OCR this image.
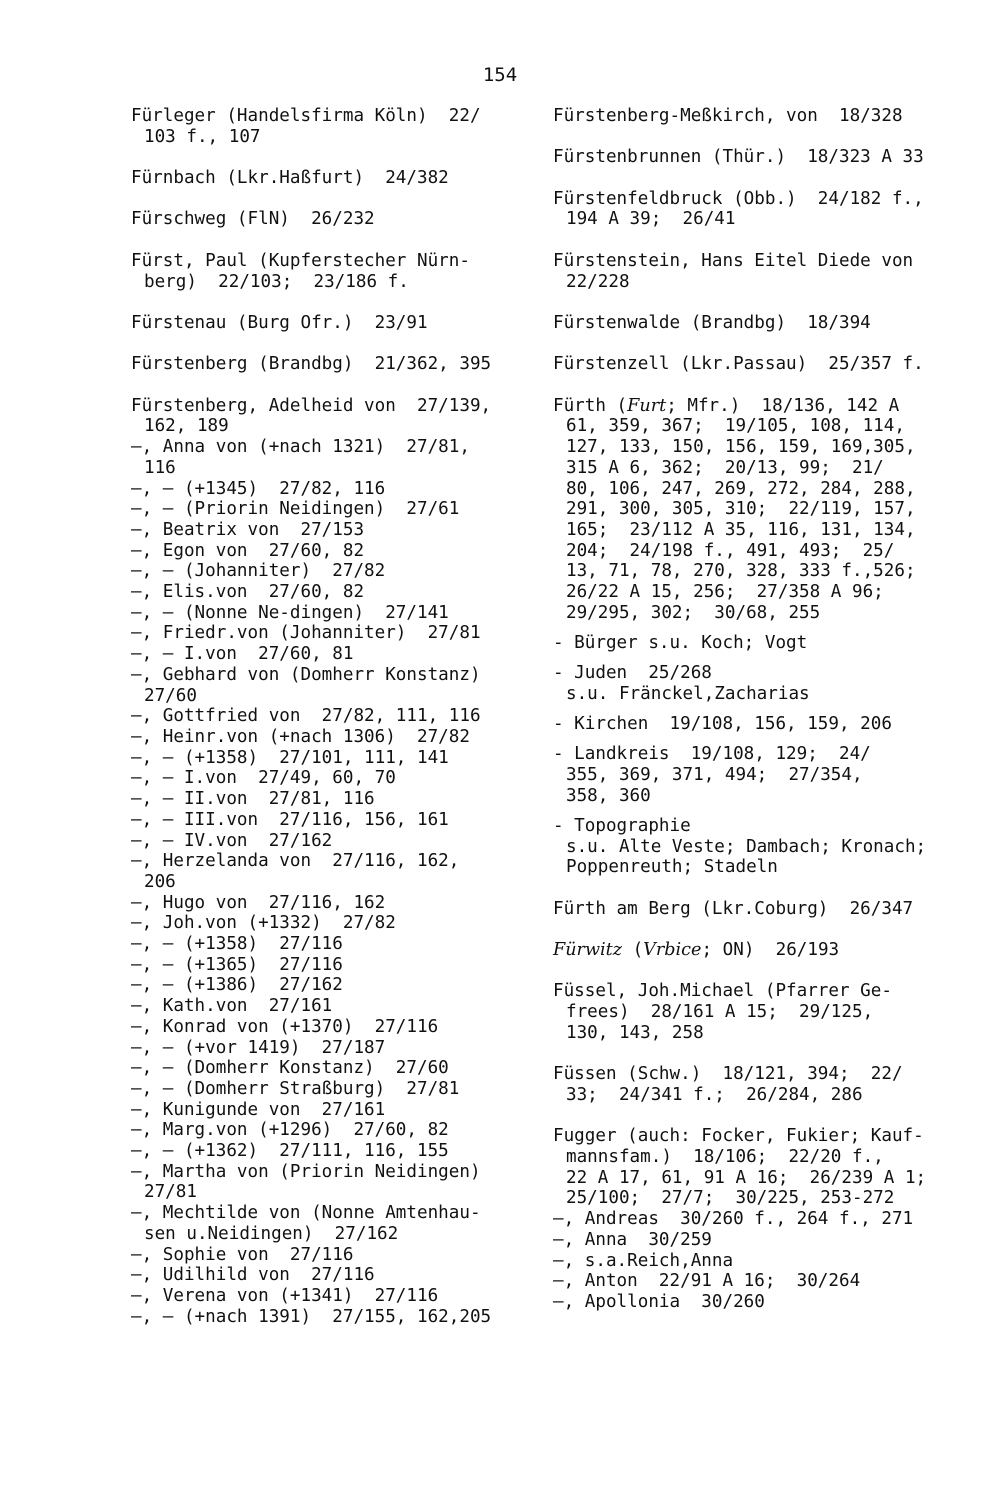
154
Fürleger (Handelsfirma Köln)  22/
103 f., 107
Fürnbach (Lkr.Haßfurt)  24/382
Fürschweg (FlN)  26/232
Fürst, Paul (Kupferstecher Nürn-
berg)  22/103;  23/186 f.
Fürstenau (Burg Ofr.)  23/91
Fürstenberg (Brandbg)  21/362, 395
Fürstenberg, Adelheid von  27/139,
162, 189
—, Anna von (+nach 1321)  27/81,
116
—, — (+1345)  27/82, 116
—, — (Priorin Neidingen)  27/61
—, Beatrix von  27/153
—, Egon von  27/60, 82
—, — (Johanniter)  27/82
—, Elis.von  27/60, 82
—, — (Nonne Ne-dingen)  27/141
—, Friedr.von (Johanniter)  27/81
—, — I.von  27/60, 81
—, Gebhard von (Domherr Konstanz)
27/60
—, Gottfried von  27/82, 111, 116
—, Heinr.von (+nach 1306)  27/82
—, — (+1358)  27/101, 111, 141
—, — I.von  27/49, 60, 70
—, — II.von  27/81, 116
—, — III.von  27/116, 156, 161
—, — IV.von  27/162
—, Herzelanda von  27/116, 162,
206
—, Hugo von  27/116, 162
—, Joh.von (+1332)  27/82
—, — (+1358)  27/116
—, — (+1365)  27/116
—, — (+1386)  27/162
—, Kath.von  27/161
—, Konrad von (+1370)  27/116
—, — (+vor 1419)  27/187
—, — (Domherr Konstanz)  27/60
—, — (Domherr Straßburg)  27/81
—, Kunigunde von  27/161
—, Marg.von (+1296)  27/60, 82
—, — (+1362)  27/111, 116, 155
—, Martha von (Priorin Neidingen)
27/81
—, Mechtilde von (Nonne Amtenhau-
sen u.Neidingen)  27/162
—, Sophie von  27/116
—, Udilhild von  27/116
—, Verena von (+1341)  27/116
—, — (+nach 1391)  27/155, 162,205
Fürstenberg-Meßkirch, von  18/328
Fürstenbrunnen (Thür.)  18/323 A 33
Fürstenfeldbruck (Obb.)  24/182 f.,
194 A 39;  26/41
Fürstenstein, Hans Eitel Diede von
22/228
Fürstenwalde (Brandbg)  18/394
Fürstenzell (Lkr.Passau)  25/357 f.
Fürth (Furt; Mfr.)  18/136, 142 A
61, 359, 367;  19/105, 108, 114,
127, 133, 150, 156, 159, 169,305,
315 A 6, 362;  20/13, 99;  21/
80, 106, 247, 269, 272, 284, 288,
291, 300, 305, 310;  22/119, 157,
165;  23/112 A 35, 116, 131, 134,
204;  24/198 f., 491, 493;  25/
13, 71, 78, 270, 328, 333 f.,526;
26/22 A 15, 256;  27/358 A 96;
29/295, 302;  30/68, 255
- Bürger s.u. Koch; Vogt
- Juden  25/268
s.u. Fränckel,Zacharias
- Kirchen  19/108, 156, 159, 206
- Landkreis  19/108, 129;  24/
355, 369, 371, 494;  27/354,
358, 360
- Topographie
s.u. Alte Veste; Dambach; Kronach;
Poppenreuth; Stadeln
Fürth am Berg (Lkr.Coburg)  26/347
Fürwitz (Vrbice; ON)  26/193
Füssel, Joh.Michael (Pfarrer Ge-
frees)  28/161 A 15;  29/125,
130, 143, 258
Füssen (Schw.)  18/121, 394;  22/
33;  24/341 f.;  26/284, 286
Fugger (auch: Focker, Fukier; Kauf-
mannsfam.)  18/106;  22/20 f.,
22 A 17, 61, 91 A 16;  26/239 A 1;
25/100;  27/7;  30/225, 253-272
—, Andreas  30/260 f., 264 f., 271
—, Anna  30/259
—, s.a.Reich,Anna
—, Anton  22/91 A 16;  30/264
—, Apollonia  30/260
